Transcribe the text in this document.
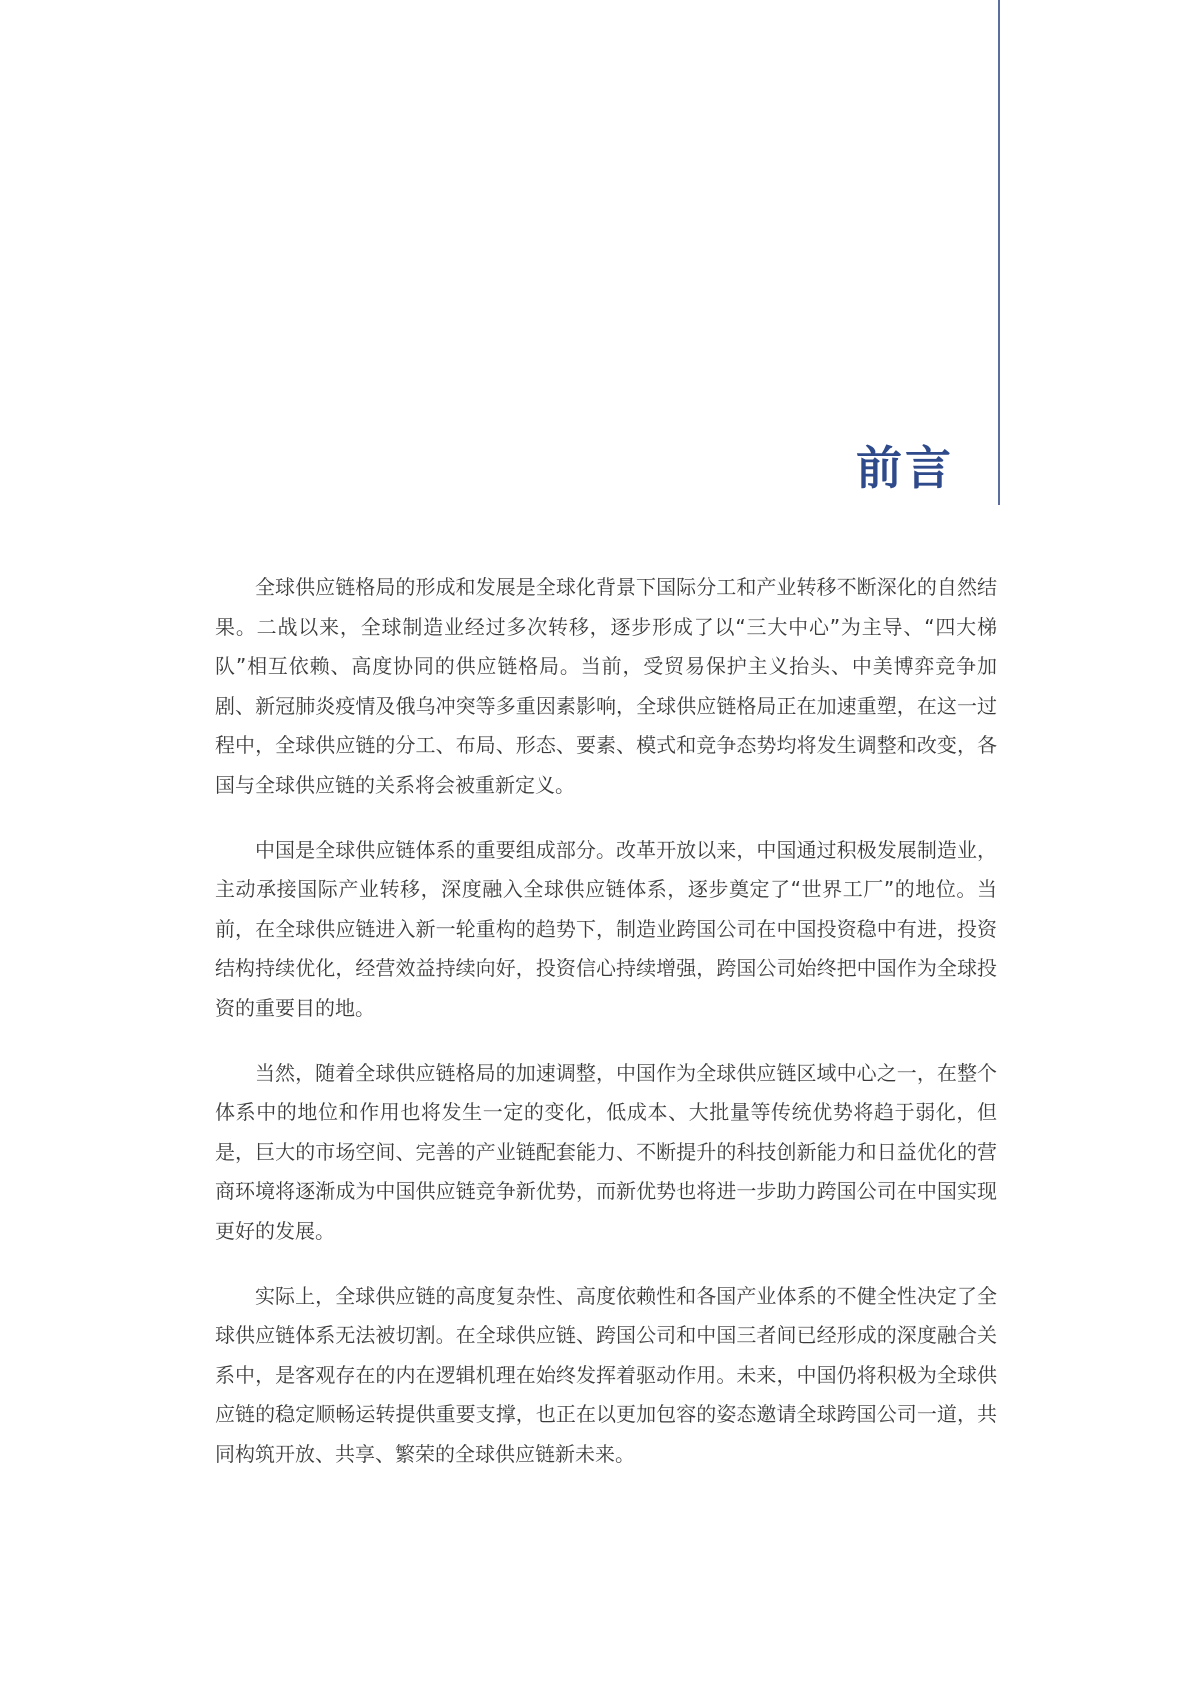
前言

全球供应链格局的形成和发展是全球化背景下国际分工和产业转移不断深化的自然结果。二战以来，全球制造业经过多次转移，逐步形成了以“三大中心”为主导、“四大梯队”相互依赖、高度协同的供应链格局。当前，受贸易保护主义抬头、中美博弈竞争加剧、新冠肺炎疫情及俄乌冲突等多重因素影响，全球供应链格局正在加速重塑，在这一过程中，全球供应链的分工、布局、形态、要素、模式和竞争态势均将发生调整和改变，各国与全球供应链的关系将会被重新定义。

中国是全球供应链体系的重要组成部分。改革开放以来，中国通过积极发展制造业，主动承接国际产业转移，深度融入全球供应链体系，逐步奠定了“世界工厂”的地位。当前，在全球供应链进入新一轮重构的趋势下，制造业跨国公司在中国投资稳中有进，投资结构持续优化，经营效益持续向好，投资信心持续增强，跨国公司始终把中国作为全球投资的重要目的地。

当然，随着全球供应链格局的加速调整，中国作为全球供应链区域中心之一，在整个体系中的地位和作用也将发生一定的变化，低成本、大批量等传统优势将趋于弱化，但是，巨大的市场空间、完善的产业链配套能力、不断提升的科技创新能力和日益优化的营商环境将逐渐成为中国供应链竞争新优势，而新优势也将进一步助力跨国公司在中国实现更好的发展。

实际上，全球供应链的高度复杂性、高度依赖性和各国产业体系的不健全性决定了全球供应链体系无法被切割。在全球供应链、跨国公司和中国三者间已经形成的深度融合关系中，是客观存在的内在逻辑机理在始终发挥着驱动作用。未来，中国仍将积极为全球供应链的稳定顺畅运转提供重要支撑，也正在以更加包容的姿态邀请全球跨国公司一道，共同构筑开放、共享、繁荣的全球供应链新未来。
